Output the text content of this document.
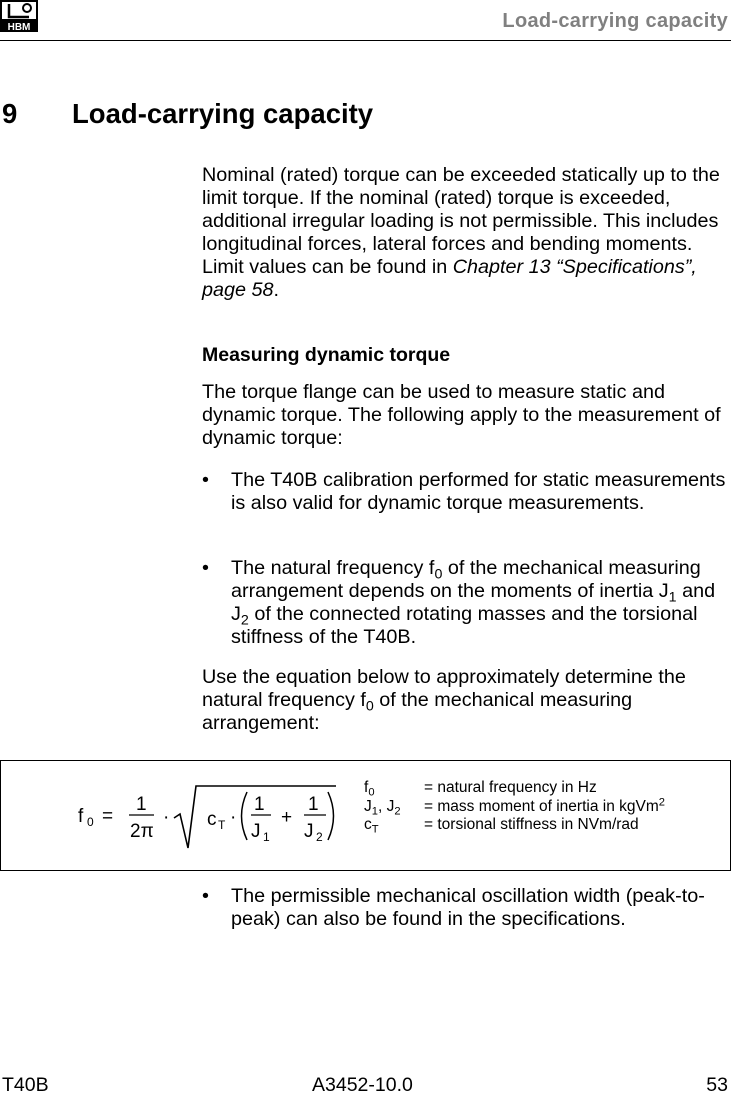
HBM	Load-carrying capacity
9 Load-carrying capacity
Nominal (rated) torque can be exceeded statically up to the limit torque. If the nominal (rated) torque is exceeded, additional irregular loading is not permissible. This includes longitudinal forces, lateral forces and bending moments. Limit values can be found in Chapter 13 “Specifications”, page 58.
Measuring dynamic torque
The torque flange can be used to measure static and dynamic torque. The following apply to the measurement of dynamic torque:
• The T40B calibration performed for static measurements is also valid for dynamic torque measurements.
• The natural frequency $f_0$ of the mechanical measuring arrangement depends on the moments of inertia $J_1$ and $J_2$ of the connected rotating masses and the torsional stiffness of the T40B.
Use the equation below to approximately determine the natural frequency $f_0$ of the mechanical measuring arrangement:
f 0 =
1
2π
· c T ·
1
J 1
+
1
J 2
$f_0$	= natural frequency in Hz
$J_1$, $J_2$	= mass moment of inertia in kgVm$^2$
$c_T$	= torsional stiffness in NVm/rad
• The permissible mechanical oscillation width (peak-to-peak) can also be found in the specifications.
T40B	A3452-10.0	53
